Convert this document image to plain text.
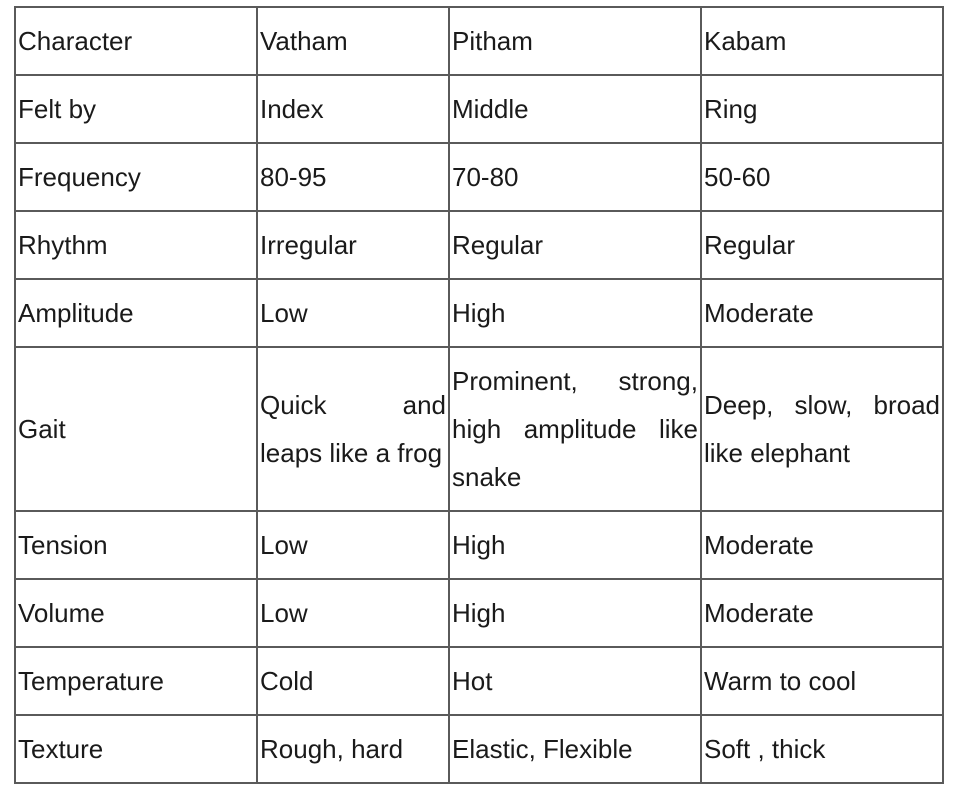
Character	Vatham	Pitham	Kabam
Felt by	Index	Middle	Ring
Frequency	80-95	70-80	50-60
Rhythm	Irregular	Regular	Regular
Amplitude	Low	High	Moderate
Gait	Quick and leaps like a frog	Prominent, strong, high amplitude like snake	Deep, slow, broad like elephant
Tension	Low	High	Moderate
Volume	Low	High	Moderate
Temperature	Cold	Hot	Warm to cool
Texture	Rough, hard	Elastic, Flexible	Soft , thick
